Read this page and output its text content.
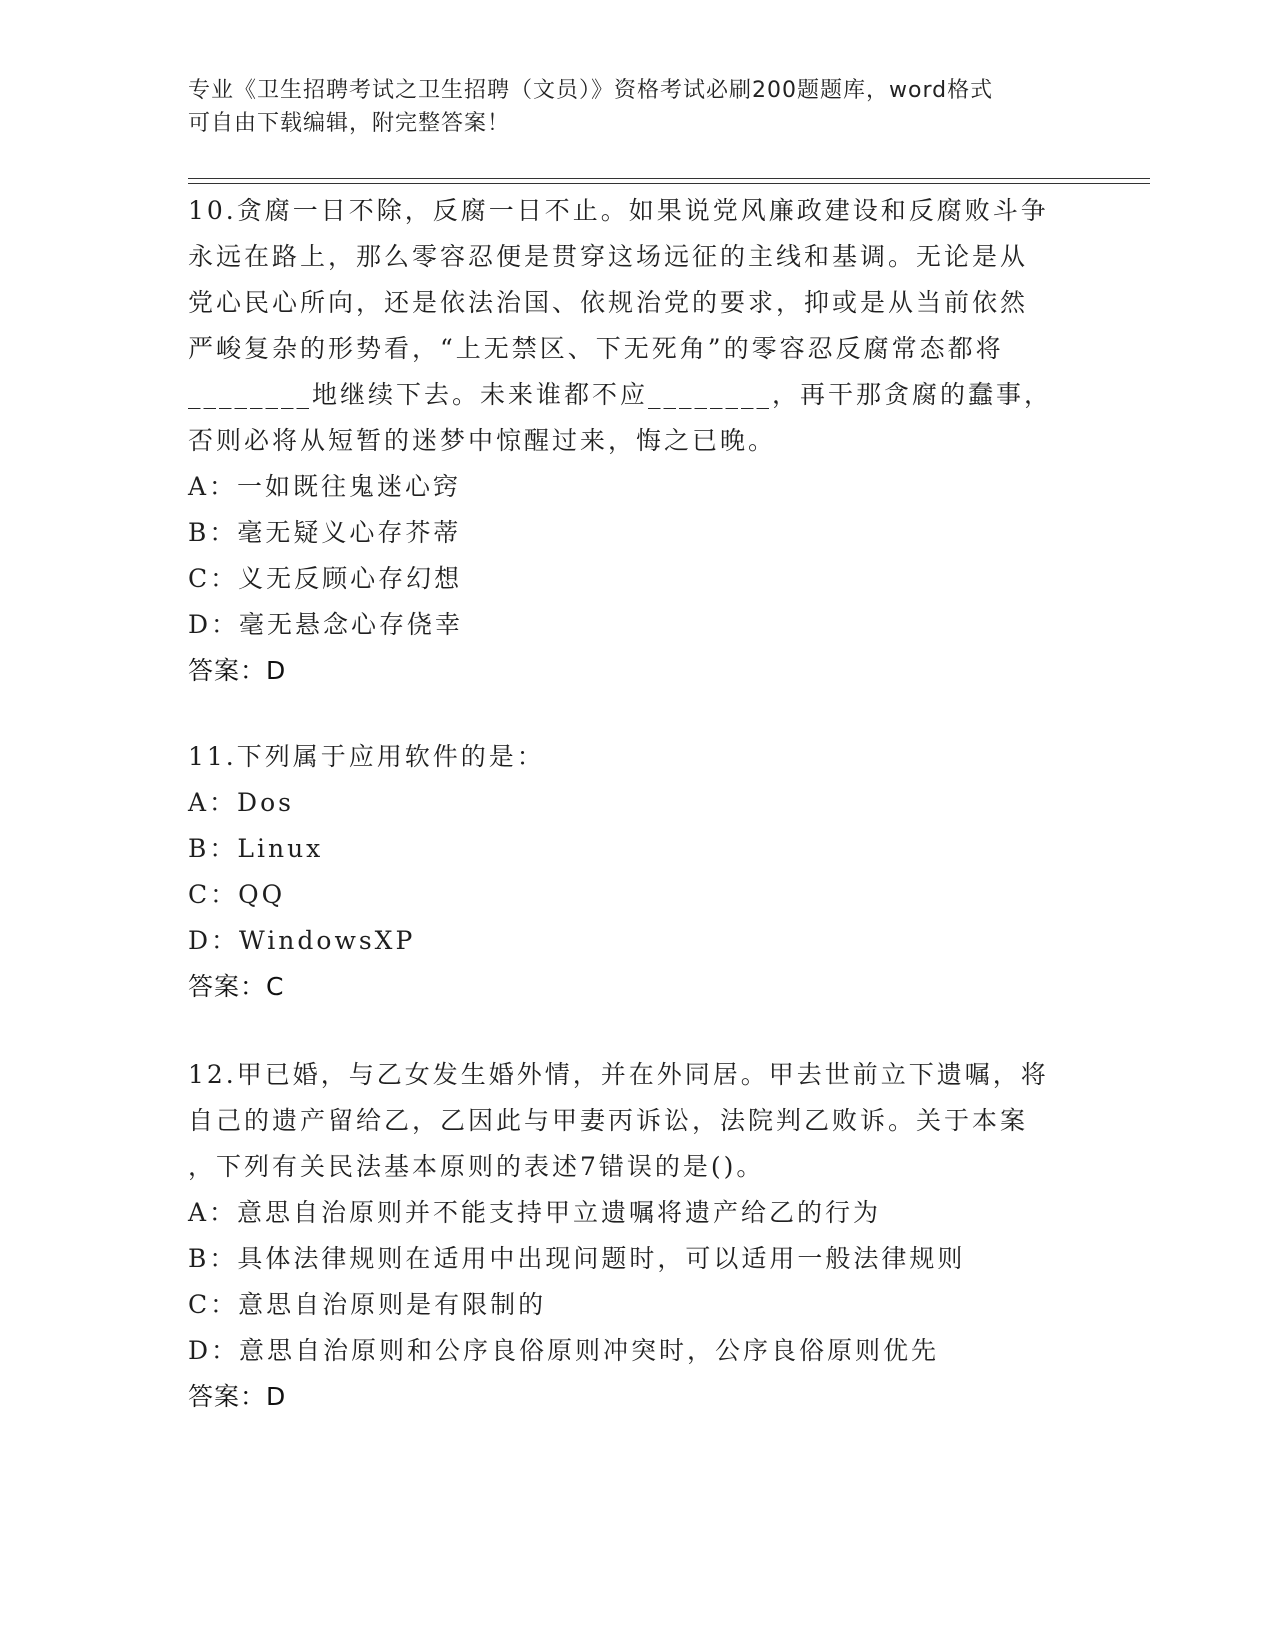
专业《卫生招聘考试之卫生招聘（文员）》资格考试必刷200题题库，word格式
可自由下载编辑，附完整答案！
10.贪腐一日不除，反腐一日不止。如果说党风廉政建设和反腐败斗争
永远在路上，那么零容忍便是贯穿这场远征的主线和基调。无论是从
党心民心所向，还是依法治国、依规治党的要求，抑或是从当前依然
严峻复杂的形势看，“上无禁区、下无死角”的零容忍反腐常态都将
________地继续下去。未来谁都不应________，再干那贪腐的蠢事，
否则必将从短暂的迷梦中惊醒过来，悔之已晚。
A：一如既往鬼迷心窍
B：毫无疑义心存芥蒂
C：义无反顾心存幻想
D：毫无悬念心存侥幸
答案：D
11.下列属于应用软件的是：
A：Dos
B：Linux
C：QQ
D：WindowsXP
答案：C
12.甲已婚，与乙女发生婚外情，并在外同居。甲去世前立下遗嘱，将
自己的遗产留给乙，乙因此与甲妻丙诉讼，法院判乙败诉。关于本案
，下列有关民法基本原则的表述7错误的是()。
A：意思自治原则并不能支持甲立遗嘱将遗产给乙的行为
B：具体法律规则在适用中出现问题时，可以适用一般法律规则
C：意思自治原则是有限制的
D：意思自治原则和公序良俗原则冲突时，公序良俗原则优先
答案：D
